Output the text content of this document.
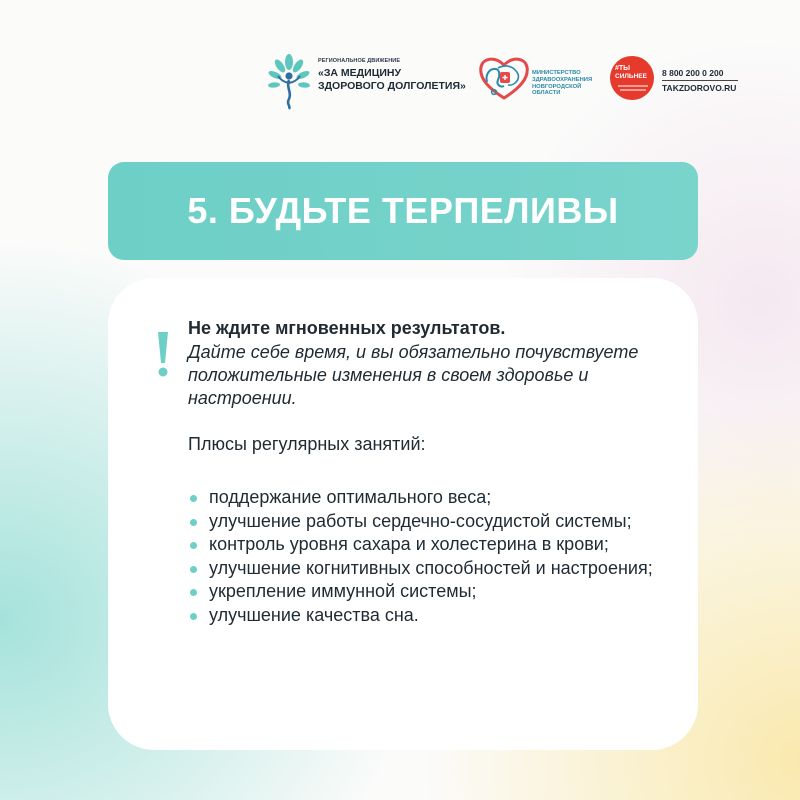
РЕГИОНАЛЬНОЕ ДВИЖЕНИЕ
«ЗА МЕДИЦИНУ
ЗДОРОВОГО ДОЛГОЛЕТИЯ»
МИНИСТЕРСТВО
ЗДРАВООХРАНЕНИЯ
НОВГОРОДСКОЙ
ОБЛАСТИ
#ТЫ
СИЛЬНЕЕ 8 800 200 0 200
TAKZDOROVO.RU
5. БУДЬТЕ ТЕРПЕЛИВЫ
Не ждите мгновенных результатов.
Дайте себе время, и вы обязательно почувствуете положительные изменения в своем здоровье и настроении.
Плюсы регулярных занятий:
поддержание оптимального веса;
улучшение работы сердечно-сосудистой системы;
контроль уровня сахара и холестерина в крови;
улучшение когнитивных способностей и настроения;
укрепление иммунной системы;
улучшение качества сна.
